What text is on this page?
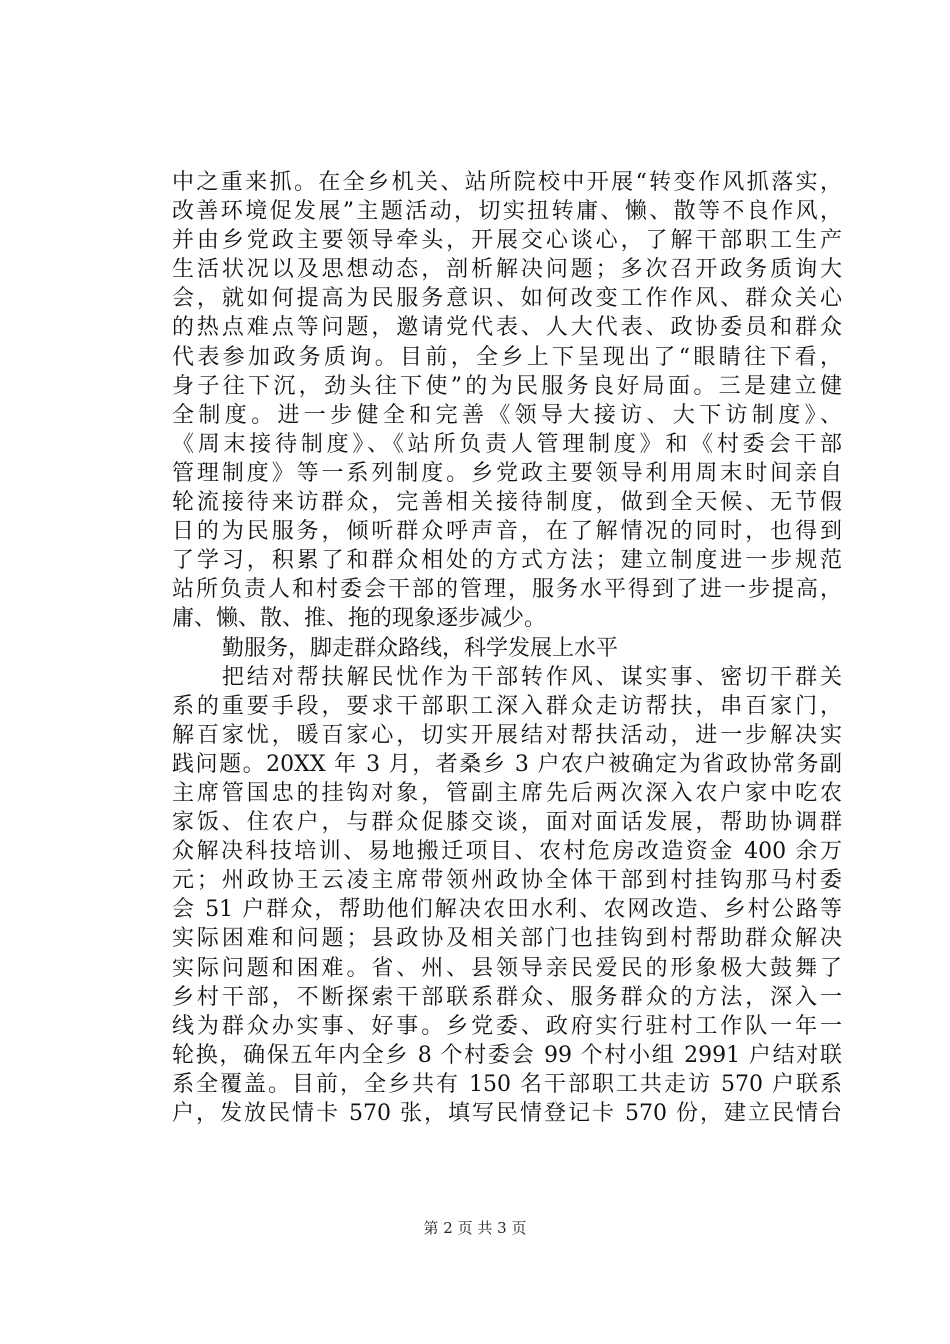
中之重来抓。在全乡机关、站所院校中开展“转变作风抓落实，
改善环境促发展”主题活动，切实扭转庸、懒、散等不良作风，
并由乡党政主要领导牵头，开展交心谈心，了解干部职工生产
生活状况以及思想动态，剖析解决问题；多次召开政务质询大
会，就如何提高为民服务意识、如何改变工作作风、群众关心
的热点难点等问题，邀请党代表、人大代表、政协委员和群众
代表参加政务质询。目前，全乡上下呈现出了“眼睛往下看，
身子往下沉，劲头往下使”的为民服务良好局面。三是建立健
全制度。进一步健全和完善《领导大接访、大下访制度》、
《周末接待制度》、《站所负责人管理制度》和《村委会干部
管理制度》等一系列制度。乡党政主要领导利用周末时间亲自
轮流接待来访群众，完善相关接待制度，做到全天候、无节假
日的为民服务，倾听群众呼声音，在了解情况的同时，也得到
了学习，积累了和群众相处的方式方法；建立制度进一步规范
站所负责人和村委会干部的管理，服务水平得到了进一步提高，
庸、懒、散、推、拖的现象逐步减少。
　　勤服务，脚走群众路线，科学发展上水平
　　把结对帮扶解民忧作为干部转作风、谋实事、密切干群关
系的重要手段，要求干部职工深入群众走访帮扶，串百家门，
解百家忧，暖百家心，切实开展结对帮扶活动，进一步解决实
践问题。20XX 年 3 月，者桑乡 3 户农户被确定为省政协常务副
主席管国忠的挂钩对象，管副主席先后两次深入农户家中吃农
家饭、住农户，与群众促膝交谈，面对面话发展，帮助协调群
众解决科技培训、易地搬迁项目、农村危房改造资金 400 余万
元；州政协王云凌主席带领州政协全体干部到村挂钩那马村委
会 51 户群众，帮助他们解决农田水利、农网改造、乡村公路等
实际困难和问题；县政协及相关部门也挂钩到村帮助群众解决
实际问题和困难。省、州、县领导亲民爱民的形象极大鼓舞了
乡村干部，不断探索干部联系群众、服务群众的方法，深入一
线为群众办实事、好事。乡党委、政府实行驻村工作队一年一
轮换，确保五年内全乡 8 个村委会 99 个村小组 2991 户结对联
系全覆盖。目前，全乡共有 150 名干部职工共走访 570 户联系
户，发放民情卡 570 张，填写民情登记卡 570 份，建立民情台
第 2 页 共 3 页
